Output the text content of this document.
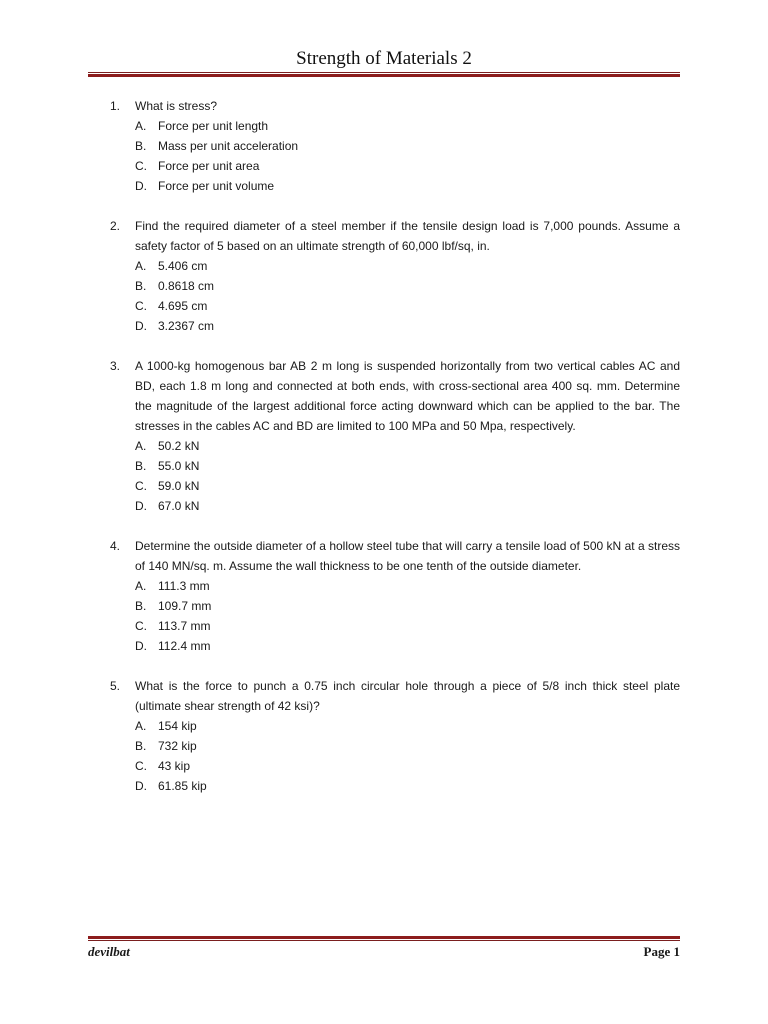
Strength of Materials 2
1. What is stress?
A. Force per unit length
B. Mass per unit acceleration
C. Force per unit area
D. Force per unit volume
2. Find the required diameter of a steel member if the tensile design load is 7,000 pounds. Assume a safety factor of 5 based on an ultimate strength of 60,000 lbf/sq, in.
A. 5.406 cm
B. 0.8618 cm
C. 4.695 cm
D. 3.2367 cm
3. A 1000-kg homogenous bar AB 2 m long is suspended horizontally from two vertical cables AC and BD, each 1.8 m long and connected at both ends, with cross-sectional area 400 sq. mm. Determine the magnitude of the largest additional force acting downward which can be applied to the bar. The stresses in the cables AC and BD are limited to 100 MPa and 50 Mpa, respectively.
A. 50.2 kN
B. 55.0 kN
C. 59.0 kN
D. 67.0 kN
4. Determine the outside diameter of a hollow steel tube that will carry a tensile load of 500 kN at a stress of 140 MN/sq. m. Assume the wall thickness to be one tenth of the outside diameter.
A. 111.3 mm
B. 109.7 mm
C. 113.7 mm
D. 112.4 mm
5. What is the force to punch a 0.75 inch circular hole through a piece of 5/8 inch thick steel plate (ultimate shear strength of 42 ksi)?
A. 154 kip
B. 732 kip
C. 43 kip
D. 61.85 kip
devilbat	Page 1
